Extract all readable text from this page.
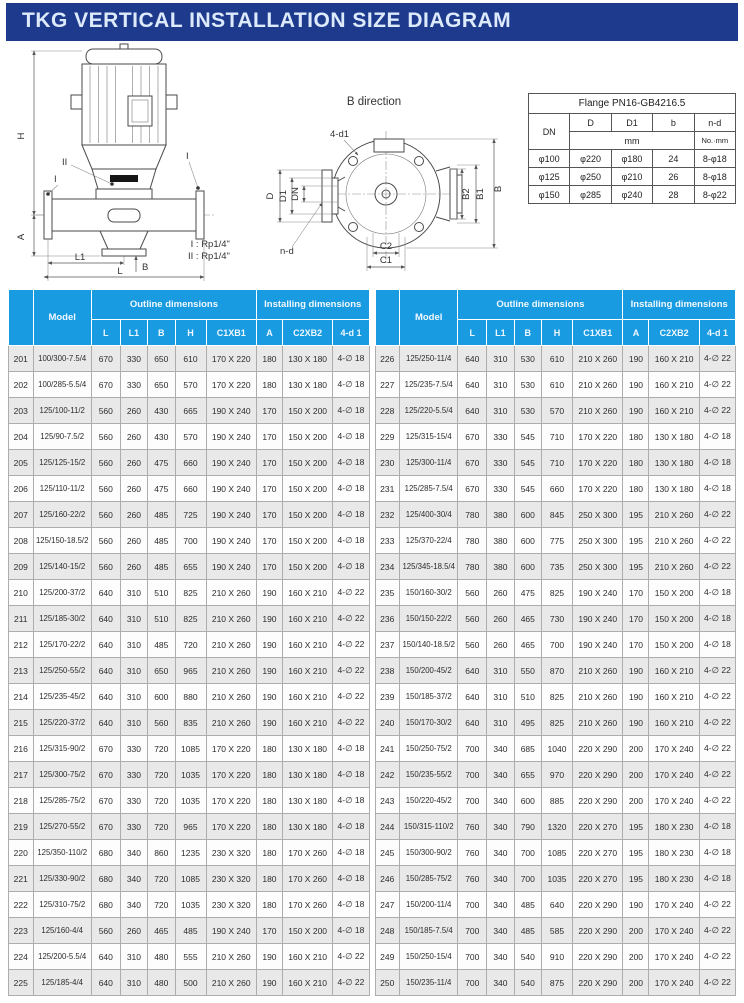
TKG VERTICAL INSTALLATION SIZE DIAGRAM
H
A
L1
L B
II
I
I
B direction
D D1 DN
4-d1
n-d	C2
C1
B2 B1 B
Flange PN16-GB4216.5				
DN	D	D1	b	n-d
	mm			No.·mm
φ100	φ220	φ180	24	8-φ18
φ125	φ250	φ210	26	8-φ18
φ150	φ285	φ240	28	8-φ22
I : Rp1/4"
II : Rp1/4"
	Model	Outline dimensions					Installing dimensions		
		L	L1	B	H	C1XB1	A	C2XB2	4-d 1
201	100/300-7.5/4	670	330	650	610	170 X 220	180	130 X 180	4-∅ 18
202	100/285-5.5/4	670	330	650	570	170 X 220	180	130 X 180	4-∅ 18
203	125/100-11/2	560	260	430	665	190 X 240	170	150 X 200	4-∅ 18
204	125/90-7.5/2	560	260	430	570	190 X 240	170	150 X 200	4-∅ 18
205	125/125-15/2	560	260	475	660	190 X 240	170	150 X 200	4-∅ 18
206	125/110-11/2	560	260	475	660	190 X 240	170	150 X 200	4-∅ 18
207	125/160-22/2	560	260	485	725	190 X 240	170	150 X 200	4-∅ 18
208	125/150-18.5/2	560	260	485	700	190 X 240	170	150 X 200	4-∅ 18
209	125/140-15/2	560	260	485	655	190 X 240	170	150 X 200	4-∅ 18
210	125/200-37/2	640	310	510	825	210 X 260	190	160 X 210	4-∅ 22
211	125/185-30/2	640	310	510	825	210 X 260	190	160 X 210	4-∅ 22
212	125/170-22/2	640	310	485	720	210 X 260	190	160 X 210	4-∅ 22
213	125/250-55/2	640	310	650	965	210 X 260	190	160 X 210	4-∅ 22
214	125/235-45/2	640	310	600	880	210 X 260	190	160 X 210	4-∅ 22
215	125/220-37/2	640	310	560	835	210 X 260	190	160 X 210	4-∅ 22
216	125/315-90/2	670	330	720	1085	170 X 220	180	130 X 180	4-∅ 18
217	125/300-75/2	670	330	720	1035	170 X 220	180	130 X 180	4-∅ 18
218	125/285-75/2	670	330	720	1035	170 X 220	180	130 X 180	4-∅ 18
219	125/270-55/2	670	330	720	965	170 X 220	180	130 X 180	4-∅ 18
220	125/350-110/2	680	340	860	1235	230 X 320	180	170 X 260	4-∅ 18
221	125/330-90/2	680	340	720	1085	230 X 320	180	170 X 260	4-∅ 18
222	125/310-75/2	680	340	720	1035	230 X 320	180	170 X 260	4-∅ 18
223	125/160-4/4	560	260	465	485	190 X 240	170	150 X 200	4-∅ 18
224	125/200-5.5/4	640	310	480	555	210 X 260	190	160 X 210	4-∅ 22
225	125/185-4/4	640	310	480	500	210 X 260	190	160 X 210	4-∅ 22
	Model	Outline dimensions					Installing dimensions		
		L	L1	B	H	C1XB1	A	C2XB2	4-d 1
226	125/250-11/4	640	310	530	610	210 X 260	190	160 X 210	4-∅ 22
227	125/235-7.5/4	640	310	530	610	210 X 260	190	160 X 210	4-∅ 22
228	125/220-5.5/4	640	310	530	570	210 X 260	190	160 X 210	4-∅ 22
229	125/315-15/4	670	330	545	710	170 X 220	180	130 X 180	4-∅ 18
230	125/300-11/4	670	330	545	710	170 X 220	180	130 X 180	4-∅ 18
231	125/285-7.5/4	670	330	545	660	170 X 220	180	130 X 180	4-∅ 18
232	125/400-30/4	780	380	600	845	250 X 300	195	210 X 260	4-∅ 22
233	125/370-22/4	780	380	600	775	250 X 300	195	210 X 260	4-∅ 22
234	125/345-18.5/4	780	380	600	735	250 X 300	195	210 X 260	4-∅ 22
235	150/160-30/2	560	260	475	825	190 X 240	170	150 X 200	4-∅ 18
236	150/150-22/2	560	260	465	730	190 X 240	170	150 X 200	4-∅ 18
237	150/140-18.5/2	560	260	465	700	190 X 240	170	150 X 200	4-∅ 18
238	150/200-45/2	640	310	550	870	210 X 260	190	160 X 210	4-∅ 22
239	150/185-37/2	640	310	510	825	210 X 260	190	160 X 210	4-∅ 22
240	150/170-30/2	640	310	495	825	210 X 260	190	160 X 210	4-∅ 22
241	150/250-75/2	700	340	685	1040	220 X 290	200	170 X 240	4-∅ 22
242	150/235-55/2	700	340	655	970	220 X 290	200	170 X 240	4-∅ 22
243	150/220-45/2	700	340	600	885	220 X 290	200	170 X 240	4-∅ 22
244	150/315-110/2	760	340	790	1320	220 X 270	195	180 X 230	4-∅ 18
245	150/300-90/2	760	340	700	1085	220 X 270	195	180 X 230	4-∅ 18
246	150/285-75/2	760	340	700	1035	220 X 270	195	180 X 230	4-∅ 18
247	150/200-11/4	700	340	485	640	220 X 290	190	170 X 240	4-∅ 22
248	150/185-7.5/4	700	340	485	585	220 X 290	200	170 X 240	4-∅ 22
249	150/250-15/4	700	340	540	910	220 X 290	200	170 X 240	4-∅ 22
250	150/235-11/4	700	340	540	875	220 X 290	200	170 X 240	4-∅ 22
